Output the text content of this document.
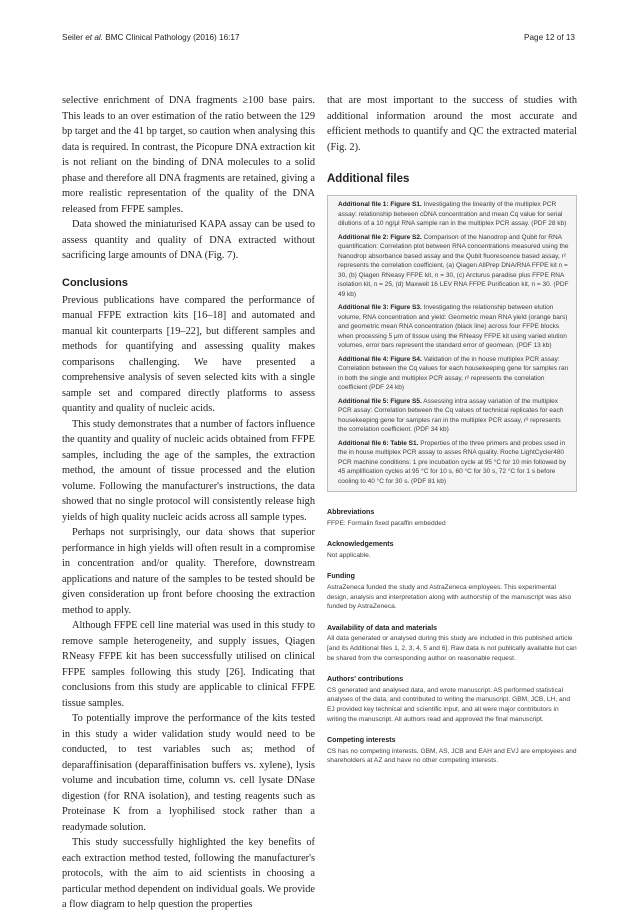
Seiler et al. BMC Clinical Pathology (2016) 16:17	Page 12 of 13

selective enrichment of DNA fragments ≥100 base pairs. This leads to an over estimation of the ratio between the 129 bp target and the 41 bp target, so caution when analysing this data is required. In contrast, the Picopure DNA extraction kit is not reliant on the binding of DNA molecules to a solid phase and therefore all DNA fragments are retained, giving a more realistic representation of the quality of the DNA released from FFPE samples.

Data showed the miniaturised KAPA assay can be used to assess quantity and quality of DNA extracted without sacrificing large amounts of DNA (Fig. 7).

Conclusions

Previous publications have compared the performance of manual FFPE extraction kits [16–18] and automated and manual kit counterparts [19–22], but different samples and methods for quantifying and assessing quality makes comparisons challenging. We have presented a comprehensive analysis of seven selected kits with a single sample set and compared directly platforms to assess quantity and quality of nucleic acids.

This study demonstrates that a number of factors influence the quantity and quality of nucleic acids obtained from FFPE samples, including the age of the samples, the extraction method, the amount of tissue processed and the elution volume. Following the manufacturer's instructions, the data showed that no single protocol will consistently release high yields of high quality nucleic acids across all sample types.

Perhaps not surprisingly, our data shows that superior performance in high yields will often result in a compromise in concentration and/or quality. Therefore, downstream applications and nature of the samples to be tested should be given consideration up front before choosing the extraction method to apply.

Although FFPE cell line material was used in this study to remove sample heterogeneity, and supply issues, Qiagen RNeasy FFPE kit has been successfully utilised on clinical FFPE samples following this study [26]. Indicating that conclusions from this study are applicable to clinical FFPE tissue samples.

To potentially improve the performance of the kits tested in this study a wider validation study would need to be conducted, to test variables such as; method of deparaffinisation (deparaffinisation buffers vs. xylene), lysis volume and incubation time, column vs. cell lysate DNase digestion (for RNA isolation), and testing reagents such as Proteinase K from a lyophilised stock rather than a readymade solution.

This study successfully highlighted the key benefits of each extraction method tested, following the manufacturer's protocols, with the aim to aid scientists in choosing a particular method dependent on individual goals. We provide a flow diagram to help question the properties

that are most important to the success of studies with additional information around the most accurate and efficient methods to quantify and QC the extracted material (Fig. 2).

Additional files
Additional file 1: Figure S1. Investigating the linearity of the multiplex PCR assay: relationship between cDNA concentration and mean Cq value for serial dilutions of a 10 ng/μl RNA sample ran in the multiplex PCR assay. (PDF 28 kb)
Additional file 2: Figure S2. Comparison of the Nanodrop and Qubit for RNA quantification: Correlation plot between RNA concentrations measured using the Nanodrop absorbance based assay and the Qubit fluorescence based assay, r² represents the correlation coefficient, (a) Qiagen AllPrep DNA/RNA FFPE kit n = 30, (b) Qiagen RNeasy FFPE kit, n = 30, (c) Arcturus paradise plus FFPE RNA isolation kit, n = 25, (d) Maxwell 16 LEV RNA FFPE Purification kit, n = 30. (PDF 49 kb)
Additional file 3: Figure S3. Investigating the relationship between elution volume, RNA concentration and yield: Geometric mean RNA yield (orange bars) and geometric mean RNA concentration (black line) across four FFPE blocks when processing 5 μm of tissue using the RNeasy FFPE kit using varied elution volumes, error bars represent the standard error of geomean. (PDF 13 kb)
Additional file 4: Figure S4. Validation of the in house multiplex PCR assay: Correlation between the Cq values for each housekeeping gene for samples ran in both the single and multiplex PCR assay, r² represents the correlation coefficient (PDF 24 kb)
Additional file 5: Figure S5. Assessing intra assay variation of the multiplex PCR assay: Correlation between the Cq values of technical replicates for each housekeeping gene for samples ran in the multiplex PCR assay, r² represents the correlation coefficient. (PDF 34 kb)
Additional file 6: Table S1. Properties of the three primers and probes used in the in house multiplex PCR assay to asses RNA quality. Roche LightCycler480 PCR machine conditions: 1 pre incubation cycle at 95 °C for 10 min followed by 45 amplification cycles at 95 °C for 10 s, 60 °C for 30 s, 72 °C for 1 s before cooling to 40 °C for 30 s. (PDF 81 kb)
Abbreviations

FFPE: Formalin fixed paraffin embedded

Acknowledgements

Not applicable.

Funding

AstraZeneca funded the study and AstraZeneca employees. This experimental design, analysis and interpretation along with authorship of the manuscript was also funded by AstraZeneca.

Availability of data and materials

All data generated or analysed during this study are included in this published article [and its Additional files 1, 2, 3, 4, 5 and 6]. Raw data is not publically available but can be shared from the corresponding author on reasonable request.

Authors' contributions

CS generated and analysed data, and wrote manuscript. AS performed statistical analyses of the data, and contributed to writing the manuscript. GBM, JCB, LH, and EJ provided key technical and scientific input, and all were major contributors in writing the manuscript. All authors read and approved the final manuscript.

Competing interests

CS has no competing interests. GBM, AS, JCB and EAH and EVJ are employees and shareholders at AZ and have no other competing interests.
